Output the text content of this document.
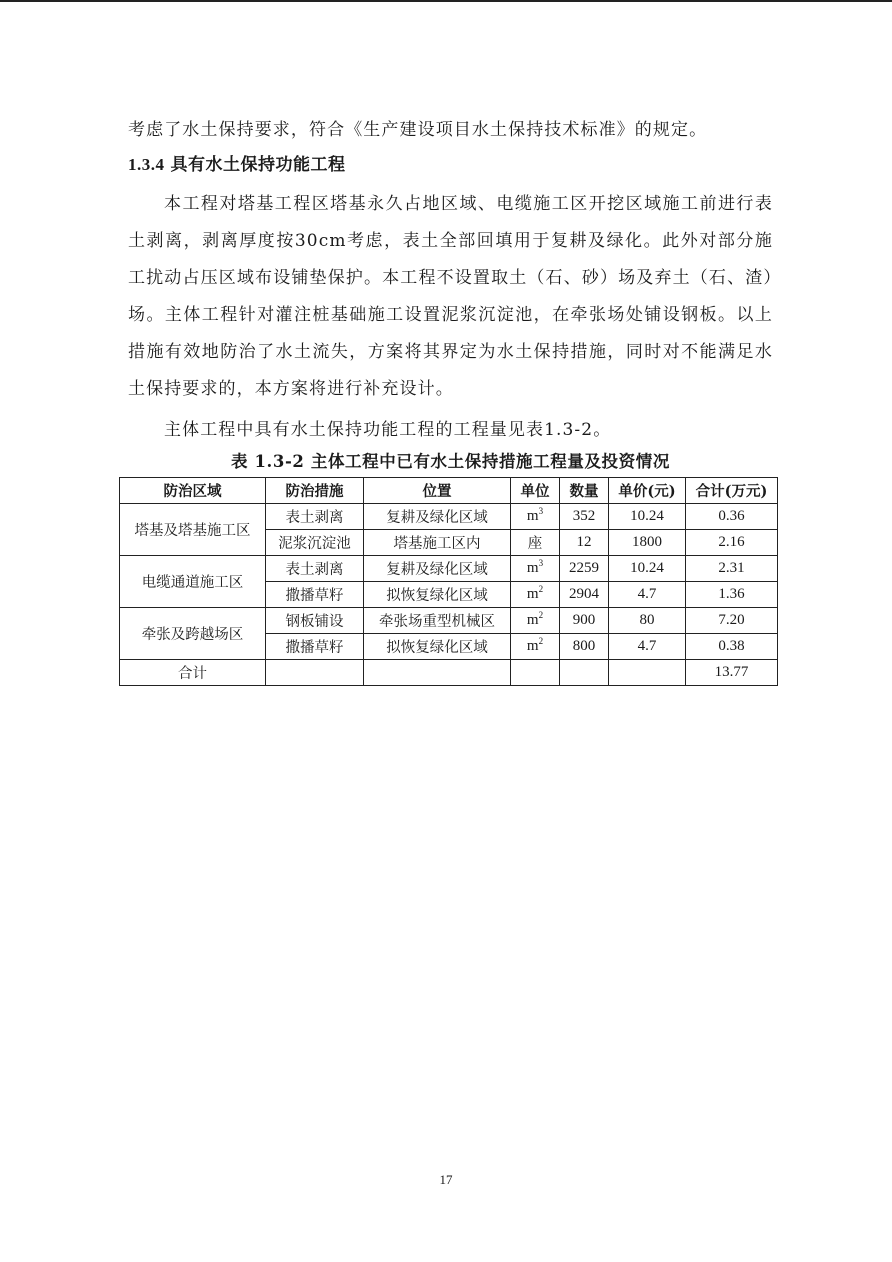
考虑了水土保持要求，符合《生产建设项目水土保持技术标准》的规定。

1.3.4 具有水土保持功能工程

本工程对塔基工程区塔基永久占地区域、电缆施工区开挖区域施工前进行表土剥离，剥离厚度按30cm考虑，表土全部回填用于复耕及绿化。此外对部分施工扰动占压区域布设铺垫保护。本工程不设置取土（石、砂）场及弃土（石、渣）场。主体工程针对灌注桩基础施工设置泥浆沉淀池，在牵张场处铺设钢板。以上措施有效地防治了水土流失，方案将其界定为水土保持措施，同时对不能满足水土保持要求的，本方案将进行补充设计。

主体工程中具有水土保持功能工程的工程量见表1.3-2。

表 1.3-2 主体工程中已有水土保持措施工程量及投资情况
防治区域	防治措施	位置	单位	数量	单价(元)	合计(万元)
塔基及塔基施工区	表土剥离	复耕及绿化区域	$m^3$	352	10.24	0.36
	泥浆沉淀池	塔基施工区内	座	12	1800	2.16
电缆通道施工区	表土剥离	复耕及绿化区域	$m^3$	2259	10.24	2.31
	撒播草籽	拟恢复绿化区域	$m^2$	2904	4.7	1.36
牵张及跨越场区	钢板铺设	牵张场重型机械区	$m^2$	900	80	7.20
	撒播草籽	拟恢复绿化区域	$m^2$	800	4.7	0.38
合计						13.77
17
